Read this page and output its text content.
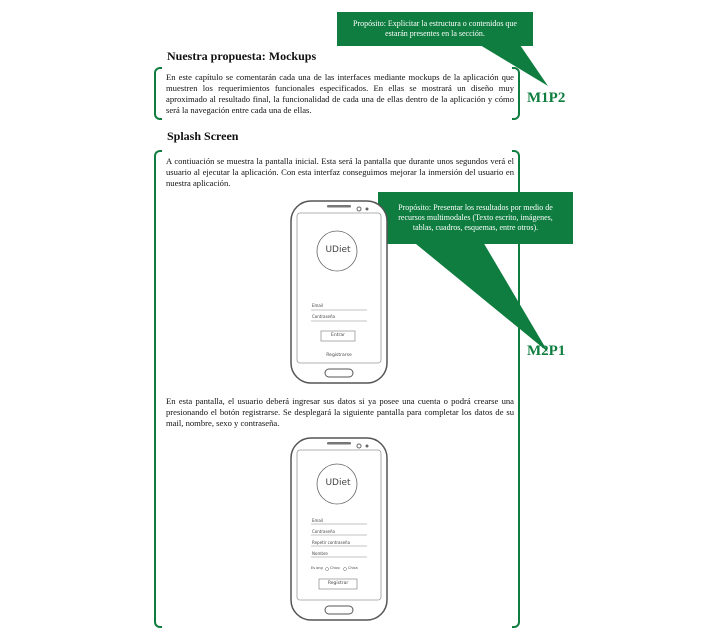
Propósito: Explicitar la estructura o contenidos que estarán presentes en la sección.
M1P2
Nuestra propuesta: Mockups
En este capítulo se comentarán cada una de las interfaces mediante mockups de la aplicación que muestren los requerimientos funcionales especificados. En ellas se mostrará un diseño muy aproximado al resultado final, la funcionalidad de cada una de ellas dentro de la aplicación y cómo será la navegación entre cada una de ellas.
Splash Screen
A contiuación se muestra la pantalla inicial. Esta será la pantalla que durante unos segundos verá el usuario al ejecutar la aplicación. Con esta interfaz conseguimos mejorar la inmersión del usuario en nuestra aplicación.
Propósito: Presentar los resultados por medio de recursos multimodales (Texto escrito, imágenes, tablas, cuadros, esquemas, entre otros).
M2P1
UDiet
Email
Contraseña
Entrar
Registrarse
En esta pantalla, el usuario deberá ingresar sus datos si ya posee una cuenta o podrá crearse una presionando el botón registrarse. Se desplegará la siguiente pantalla para completar los datos de su mail, nombre, sexo y contraseña.
UDiet
Email
Contraseña
Repetir contraseña
Nombre
Es ong Chico Chica
Registrar
